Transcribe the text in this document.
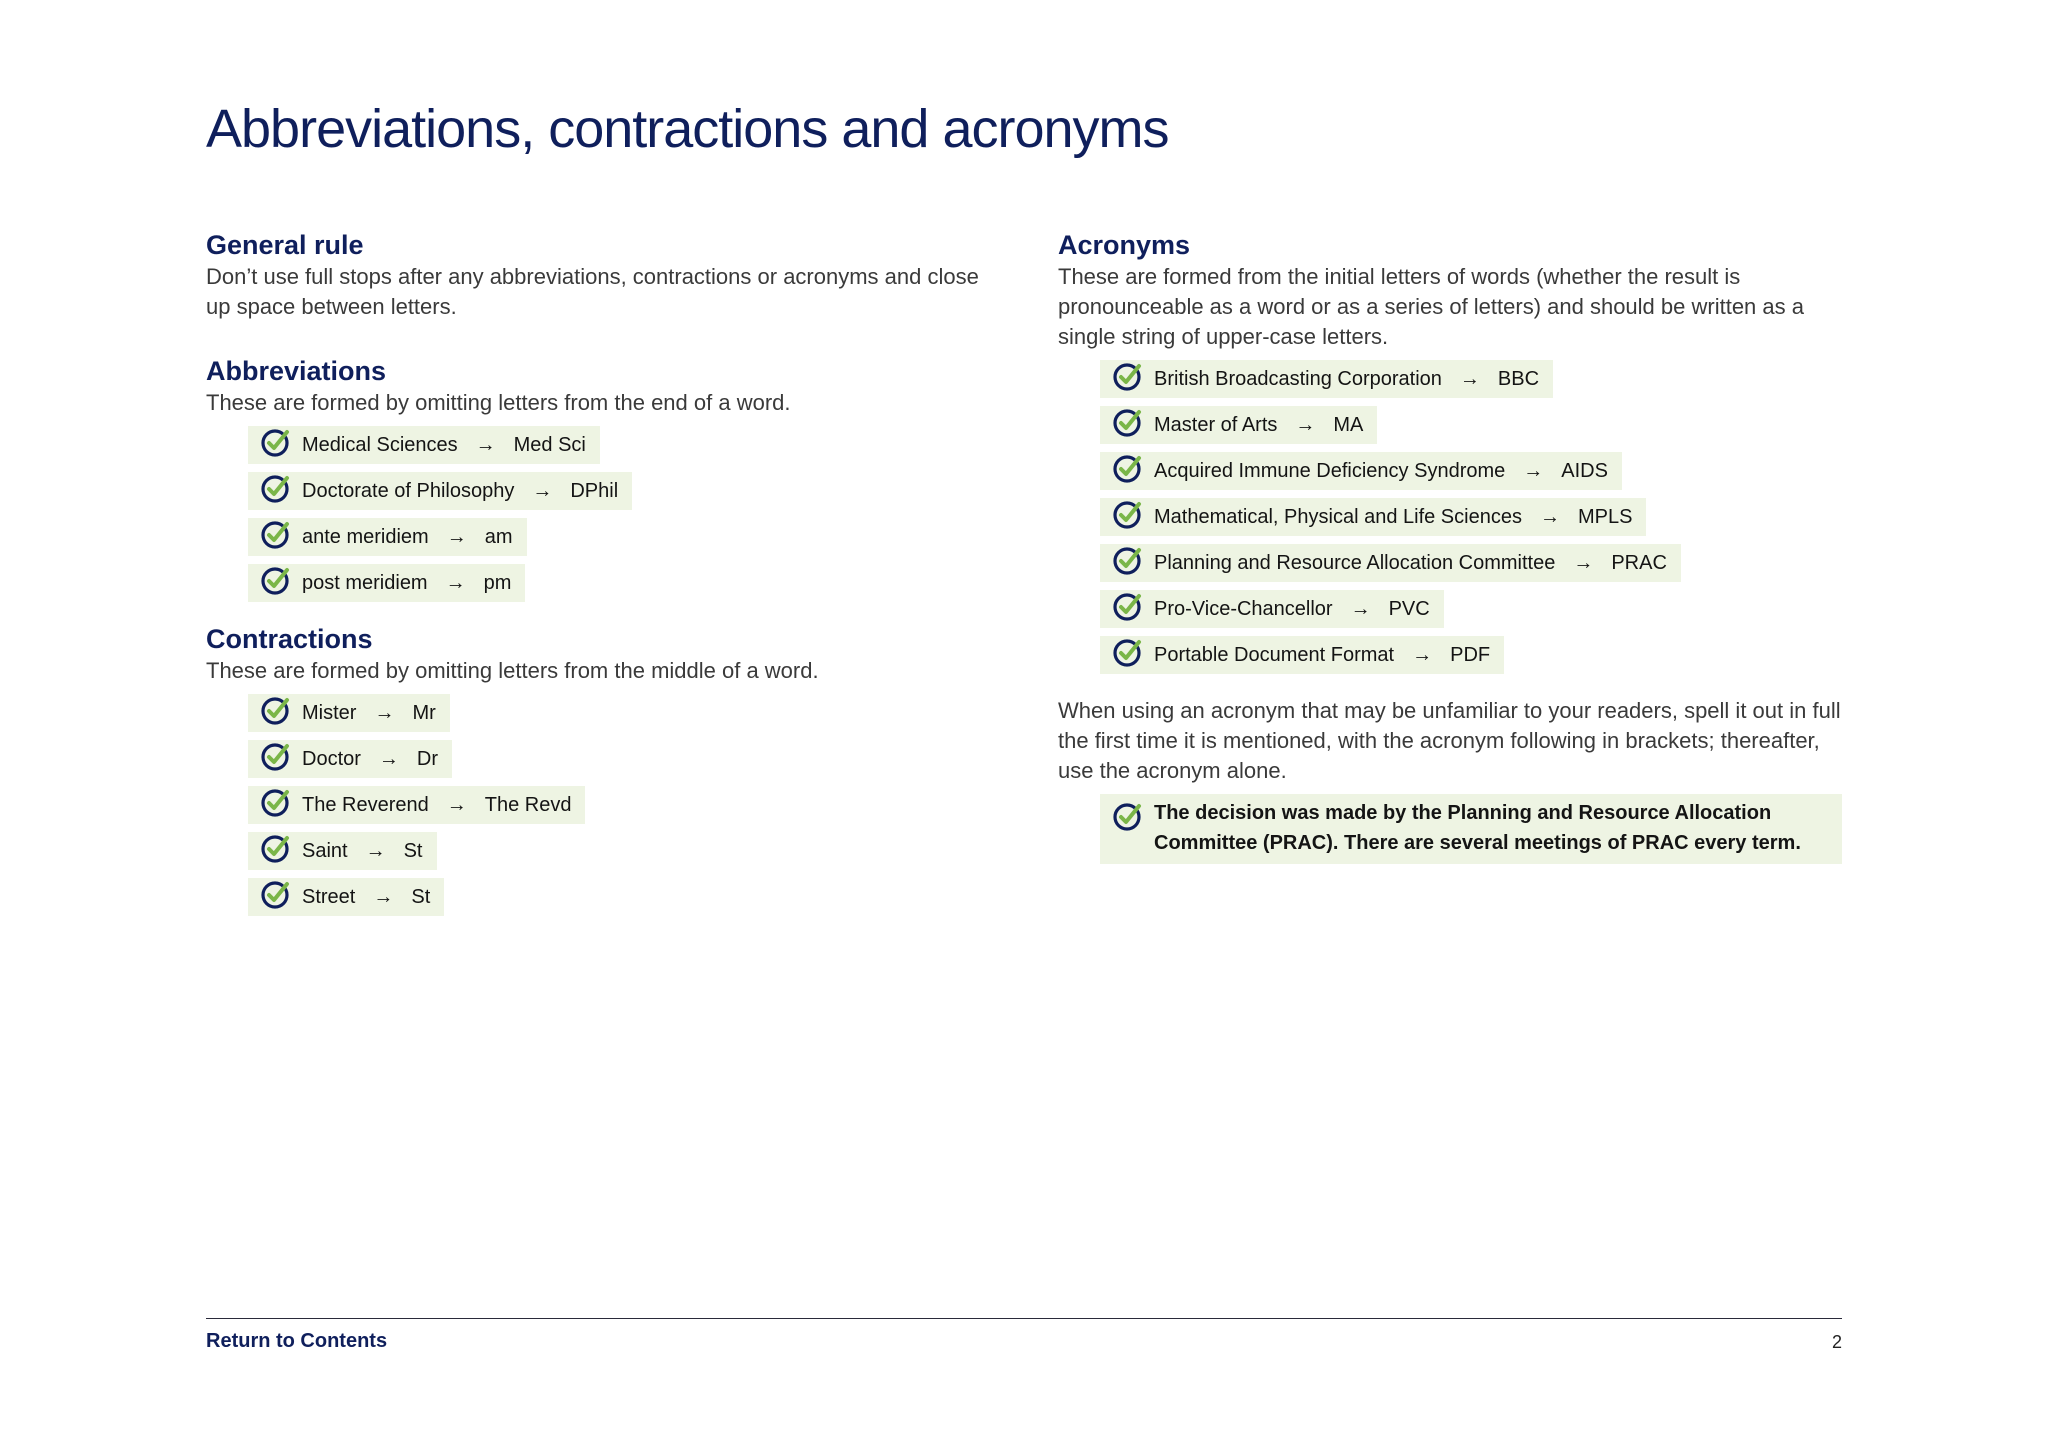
Abbreviations, contractions and acronyms
General rule

Don’t use full stops after any abbreviations, contractions or acronyms and close up space between letters.

Abbreviations

These are formed by omitting letters from the end of a word.

Medical Sciences → Med Sci
Doctorate of Philosophy → DPhil
ante meridiem → am
post meridiem → pm
Contractions

These are formed by omitting letters from the middle of a word.

Mister → Mr
Doctor → Dr
The Reverend → The Revd
Saint → St
Street → St
Acronyms

These are formed from the initial letters of words (whether the result is pronounceable as a word or as a series of letters) and should be written as a single string of upper-case letters.

British Broadcasting Corporation → BBC
Master of Arts → MA
Acquired Immune Deficiency Syndrome → AIDS
Mathematical, Physical and Life Sciences → MPLS
Planning and Resource Allocation Committee → PRAC
Pro-Vice-Chancellor → PVC
Portable Document Format → PDF

When using an acronym that may be unfamiliar to your readers, spell it out in full the first time it is mentioned, with the acronym following in brackets; thereafter, use the acronym alone.

The decision was made by the Planning and Resource Allocation Committee (PRAC). There are several meetings of PRAC every term.
Return to Contents	2
